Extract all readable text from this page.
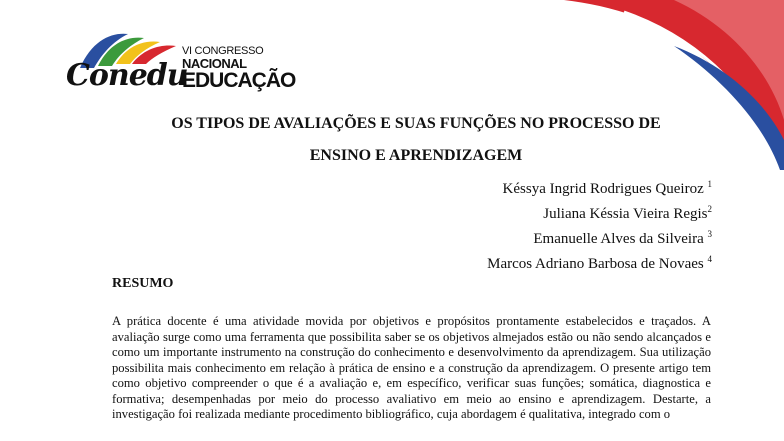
Conedu
VI CONGRESSO
NACIONAL
EDUCAÇÃO
OS TIPOS DE AVALIAÇÕES E SUAS FUNÇÕES NO PROCESSO DE
ENSINO E APRENDIZAGEM
Késsya Ingrid Rodrigues Queiroz $^1$
Juliana Késsia Vieira Regis$^2$
Emanuelle Alves da Silveira $^3$
Marcos Adriano Barbosa de Novaes $^4$
RESUMO
A prática docente é uma atividade movida por objetivos e propósitos prontamente estabelecidos e traçados. A avaliação surge como uma ferramenta que possibilita saber se os objetivos almejados estão ou não sendo alcançados e como um importante instrumento na construção do conhecimento e desenvolvimento da aprendizagem. Sua utilização possibilita mais conhecimento em relação à prática de ensino e a construção da aprendizagem. O presente artigo tem como objetivo compreender o que é a avaliação e, em específico, verificar suas funções; somática, diagnostica e formativa; desempenhadas por meio do processo avaliativo em meio ao ensino e aprendizagem. Destarte, a investigação foi realizada mediante procedimento bibliográfico, cuja abordagem é qualitativa, integrado com o
